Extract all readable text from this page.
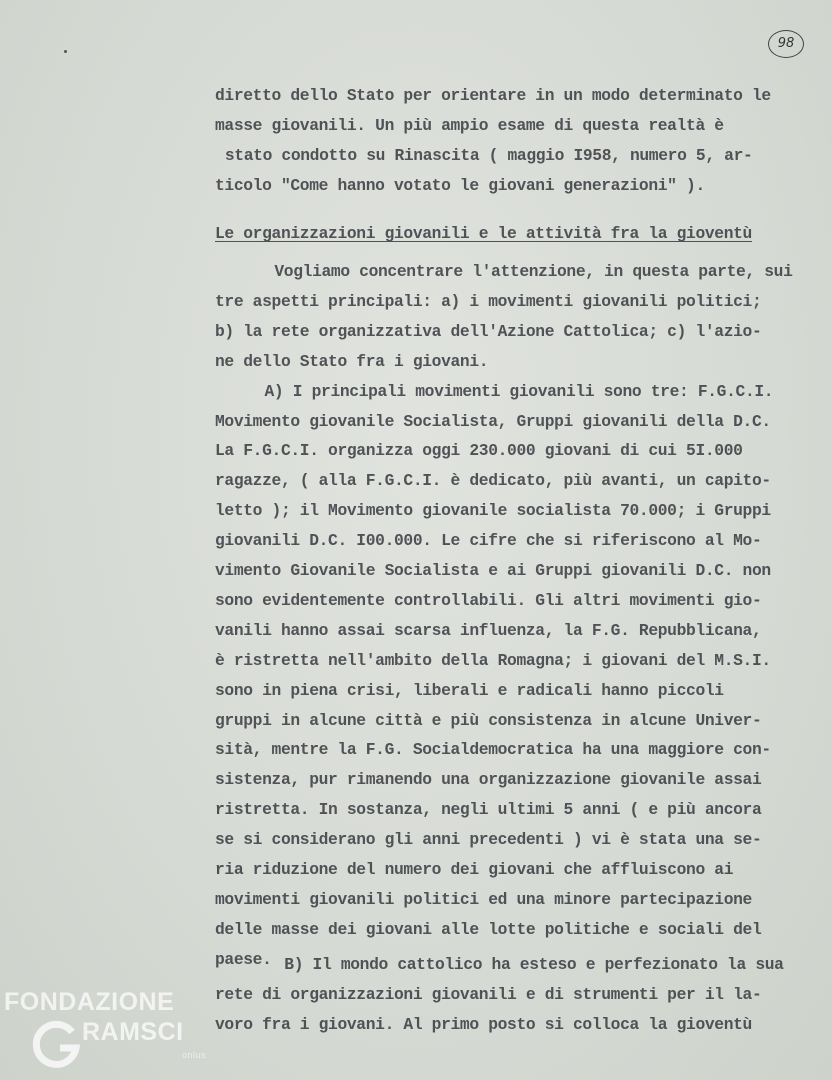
98
diretto dello Stato per orientare in un modo determinato le
masse giovanili. Un più ampio esame di questa realtà è
stato condotto su Rinascita ( maggio I958, numero 5, ar-
ticolo "Come hanno votato le giovani generazioni" ).
Le organizzazioni giovanili e le attività fra la gioventù
Vogliamo concentrare l'attenzione, in questa parte, sui
tre aspetti principali: a) i movimenti giovanili politici;
b) la rete organizzativa dell'Azione Cattolica; c) l'azio-
ne dello Stato fra i giovani.
A) I principali movimenti giovanili sono tre: F.G.C.I.
Movimento giovanile Socialista, Gruppi giovanili della D.C.
La F.G.C.I. organizza oggi 230.000 giovani di cui 5I.000
ragazze, ( alla F.G.C.I. è dedicato, più avanti, un capito-
letto ); il Movimento giovanile socialista 70.000; i Gruppi
giovanili D.C. I00.000. Le cifre che si riferiscono al Mo-
vimento Giovanile Socialista e ai Gruppi giovanili D.C. non
sono evidentemente controllabili. Gli altri movimenti gio-
vanili hanno assai scarsa influenza, la F.G. Repubblicana,
è ristretta nell'ambito della Romagna; i giovani del M.S.I.
sono in piena crisi, liberali e radicali hanno piccoli
gruppi in alcune città e più consistenza in alcune Univer-
sità, mentre la F.G. Socialdemocratica ha una maggiore con-
sistenza, pur rimanendo una organizzazione giovanile assai
ristretta. In sostanza, negli ultimi 5 anni ( e più ancora
se si considerano gli anni precedenti ) vi è stata una se-
ria riduzione del numero dei giovani che affluiscono ai
movimenti giovanili politici ed una minore partecipazione
delle masse dei giovani alle lotte politiche e sociali del
paese. B) Il mondo cattolico ha esteso e perfezionato la sua
rete di organizzazioni giovanili e di strumenti per il la-
voro fra i giovani. Al primo posto si colloca la gioventù
FONDAZIONE
RAMSCI
onlus
